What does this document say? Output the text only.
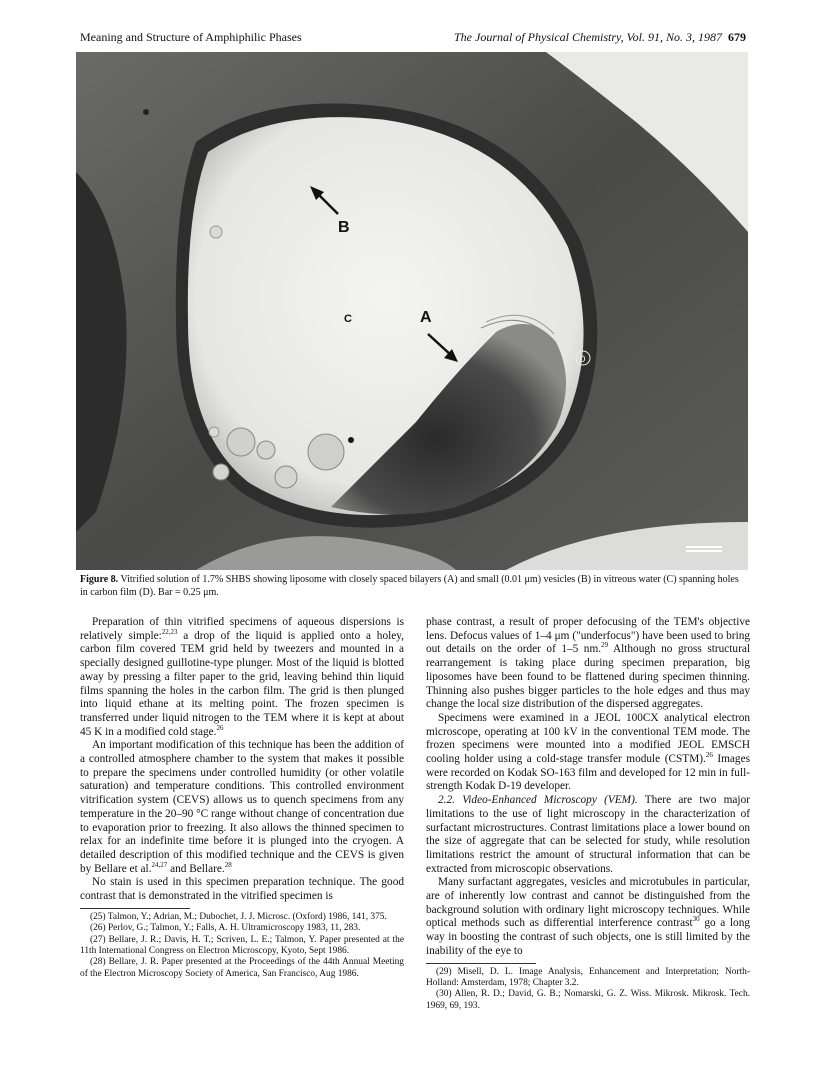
Meaning and Structure of Amphiphilic Phases	The Journal of Physical Chemistry, Vol. 91, No. 3, 1987 679
B
A
C
D
Figure 8. Vitrified solution of 1.7% SHBS showing liposome with closely spaced bilayers (A) and small (0.01 μm) vesicles (B) in vitreous water (C) spanning holes in carbon film (D). Bar = 0.25 μm.

Preparation of thin vitrified specimens of aqueous dispersions is relatively simple:$^{22,23}$ a drop of the liquid is applied onto a holey, carbon film covered TEM grid held by tweezers and mounted in a specially designed guillotine-type plunger. Most of the liquid is blotted away by pressing a filter paper to the grid, leaving behind thin liquid films spanning the holes in the carbon film. The grid is then plunged into liquid ethane at its melting point. The frozen specimen is transferred under liquid nitrogen to the TEM where it is kept at about 45 K in a modified cold stage.$^{26}$

An important modification of this technique has been the addition of a controlled atmosphere chamber to the system that makes it possible to prepare the specimens under controlled humidity (or other volatile saturation) and temperature conditions. This controlled environment vitrification system (CEVS) allows us to quench specimens from any temperature in the 20–90 °C range without change of concentration due to evaporation prior to freezing. It also allows the thinned specimen to relax for an indefinite time before it is plunged into the cryogen. A detailed description of this modified technique and the CEVS is given by Bellare et al.$^{24,27}$ and Bellare.$^{28}$

No stain is used in this specimen preparation technique. The good contrast that is demonstrated in the vitrified specimen is

(25) Talmon, Y.; Adrian, M.; Dubochet, J. J. Microsc. (Oxford) 1986, 141, 375.
(26) Perlov, G.; Talmon, Y.; Falls, A. H. Ultramicroscopy 1983, 11, 283.
(27) Bellare, J. R.; Davis, H. T.; Scriven, L. E.; Talmon, Y. Paper presented at the 11th International Congress on Electron Microscopy, Kyoto, Sept 1986.
(28) Bellare, J. R. Paper presented at the Proceedings of the 44th Annual Meeting of the Electron Microscopy Society of America, San Francisco, Aug 1986.

phase contrast, a result of proper defocusing of the TEM's objective lens. Defocus values of 1–4 μm ("underfocus") have been used to bring out details on the order of 1–5 nm.$^{29}$ Although no gross structural rearrangement is taking place during specimen preparation, big liposomes have been found to be flattened during specimen thinning. Thinning also pushes bigger particles to the hole edges and thus may change the local size distribution of the dispersed aggregates.

Specimens were examined in a JEOL 100CX analytical electron microscope, operating at 100 kV in the conventional TEM mode. The frozen specimens were mounted into a modified JEOL EMSCH cooling holder using a cold-stage transfer module (CSTM).$^{26}$ Images were recorded on Kodak SO-163 film and developed for 12 min in full-strength Kodak D-19 developer.

2.2. Video-Enhanced Microscopy (VEM). There are two major limitations to the use of light microscopy in the characterization of surfactant microstructures. Contrast limitations place a lower bound on the size of aggregate that can be selected for study, while resolution limitations restrict the amount of structural information that can be extracted from microscopic observations.

Many surfactant aggregates, vesicles and microtubules in particular, are of inherently low contrast and cannot be distinguished from the background solution with ordinary light microscopy techniques. While optical methods such as differential interference contrast$^{30}$ go a long way in boosting the contrast of such objects, one is still limited by the inability of the eye to

(29) Misell, D. L. Image Analysis, Enhancement and Interpretation; North-Holland: Amsterdam, 1978; Chapter 3.2.
(30) Allen, R. D.; David, G. B.; Nomarski, G. Z. Wiss. Mikrosk. Mikrosk. Tech. 1969, 69, 193.
